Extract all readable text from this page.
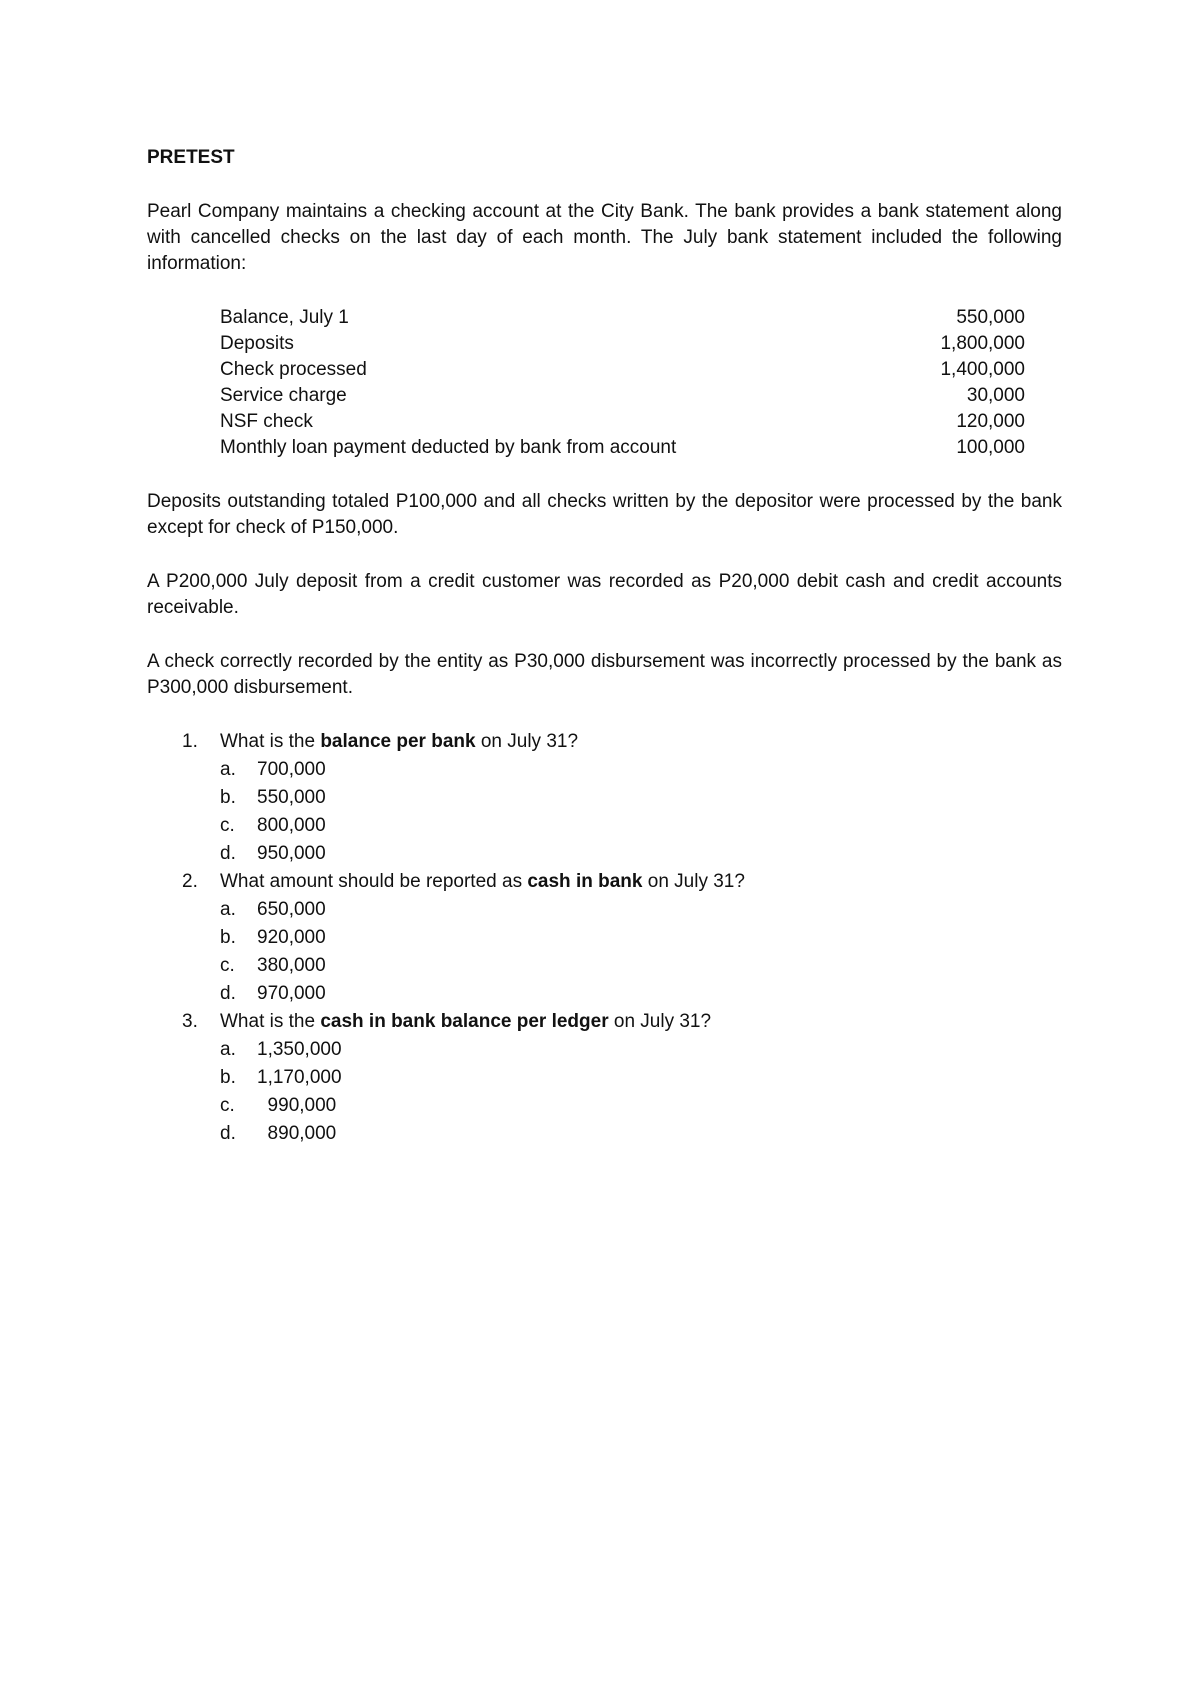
PRETEST

Pearl Company maintains a checking account at the City Bank. The bank provides a bank statement along with cancelled checks on the last day of each month. The July bank statement included the following information:

Balance, July 1	550,000
Deposits	1,800,000
Check processed	1,400,000
Service charge	30,000
NSF check	120,000
Monthly loan payment deducted by bank from account	100,000

Deposits outstanding totaled P100,000 and all checks written by the depositor were processed by the bank except for check of P150,000.

A P200,000 July deposit from a credit customer was recorded as P20,000 debit cash and credit accounts receivable.

A check correctly recorded by the entity as P30,000 disbursement was incorrectly processed by the bank as P300,000 disbursement.

1. What is the balance per bank on July 31?
a. 700,000
b. 550,000
c. 800,000
d. 950,000
2. What amount should be reported as cash in bank on July 31?
a. 650,000
b. 920,000
c. 380,000
d. 970,000
3. What is the cash in bank balance per ledger on July 31?
a. 1,350,000
b. 1,170,000
c. 990,000
d. 890,000
